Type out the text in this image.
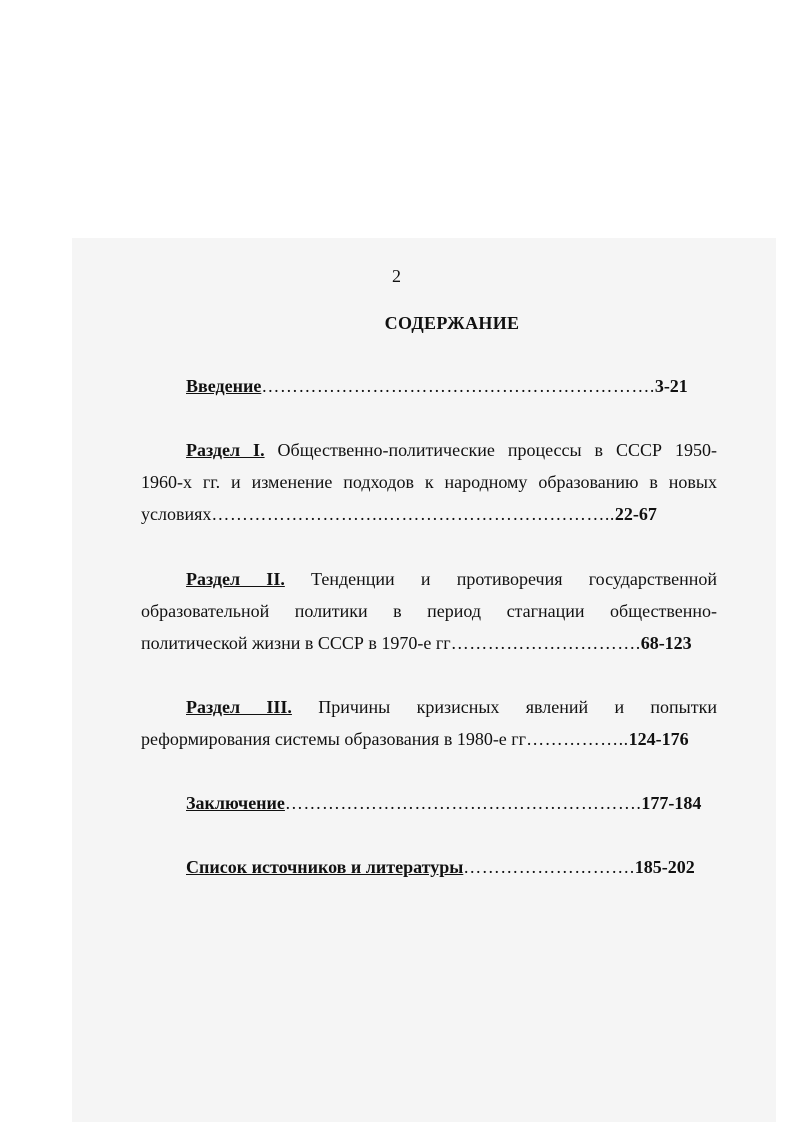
2
СОДЕРЖАНИЕ
Введение……………………………………………………….3-21
Раздел I. Общественно-политические процессы в СССР 1950-
1960-х гг. и изменение подходов к народному образованию в новых
условиях……………………….………………………………..22-67
Раздел II. Тенденции и противоречия государственной
образовательной политики в период стагнации общественно-
политической жизни в СССР в 1970-е гг………………………….68-123
Раздел III. Причины кризисных явлений и попытки
реформирования системы образования в 1980-е гг……………..124-176
Заключение………………………………………………….177-184
Список источников и литературы……………………….185-202
